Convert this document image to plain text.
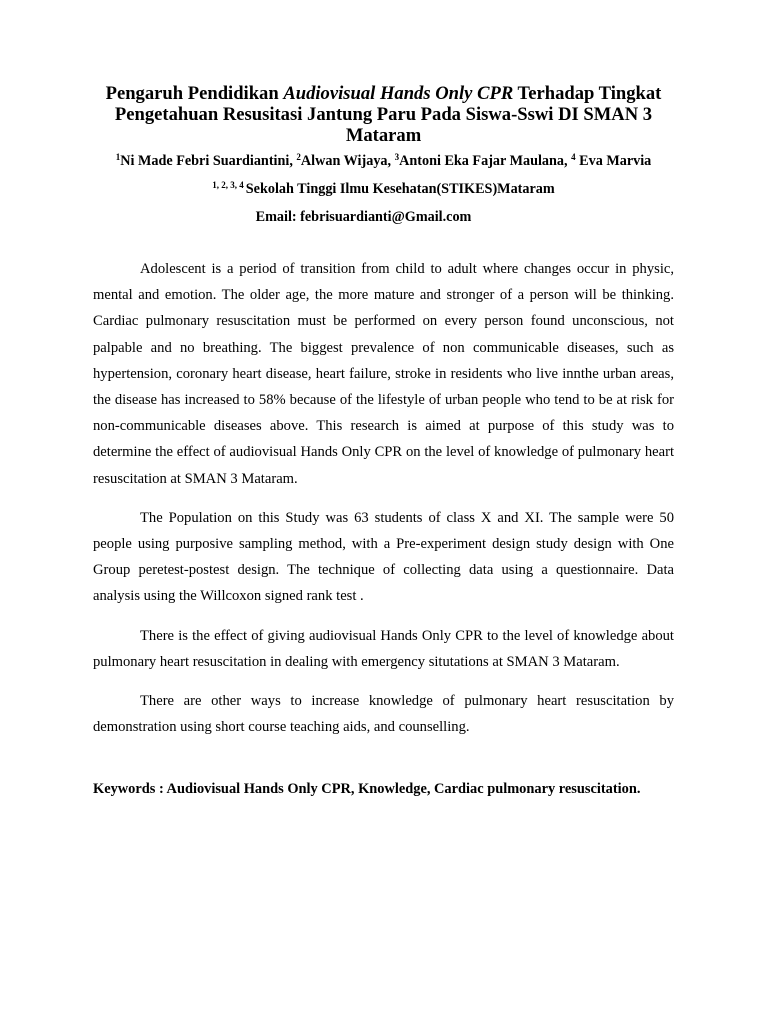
Pengaruh Pendidikan Audiovisual Hands Only CPR Terhadap Tingkat Pengetahuan Resusitasi Jantung Paru Pada Siswa-Sswi DI SMAN 3 Mataram

$^1$Ni Made Febri Suardiantini, $^2$Alwan Wijaya, $^3$Antoni Eka Fajar Maulana, $^4$ Eva Marvia

$^{1, 2, 3, 4}$ Sekolah Tinggi Ilmu Kesehatan(STIKES)Mataram

Email: febrisuardianti@Gmail.com

Adolescent is a period of transition from child to adult where changes occur in physic, mental and emotion. The older age, the more mature and stronger of a person will be thinking. Cardiac pulmonary resuscitation must be performed on every person found unconscious, not palpable and no breathing. The biggest prevalence of non communicable diseases, such as hypertension, coronary heart disease, heart failure, stroke in residents who live innthe urban areas, the disease has increased to 58% because of the lifestyle of urban people who tend to be at risk for non-communicable diseases above. This research is aimed at purpose of this study was to determine the effect of audiovisual Hands Only CPR on the level of knowledge of pulmonary heart resuscitation at SMAN 3 Mataram.

The Population on this Study was 63 students of class X and XI. The sample were 50 people using purposive sampling method, with a Pre-experiment design study design with One Group peretest-postest design. The technique of collecting data using a questionnaire. Data analysis using the Willcoxon signed rank test .

There is the effect of giving audiovisual Hands Only CPR to the level of knowledge about pulmonary heart resuscitation in dealing with emergency situtations at SMAN 3 Mataram.

There are other ways to increase knowledge of pulmonary heart resuscitation by demonstration using short course teaching aids, and counselling.

Keywords : Audiovisual Hands Only CPR, Knowledge, Cardiac pulmonary resuscitation.
